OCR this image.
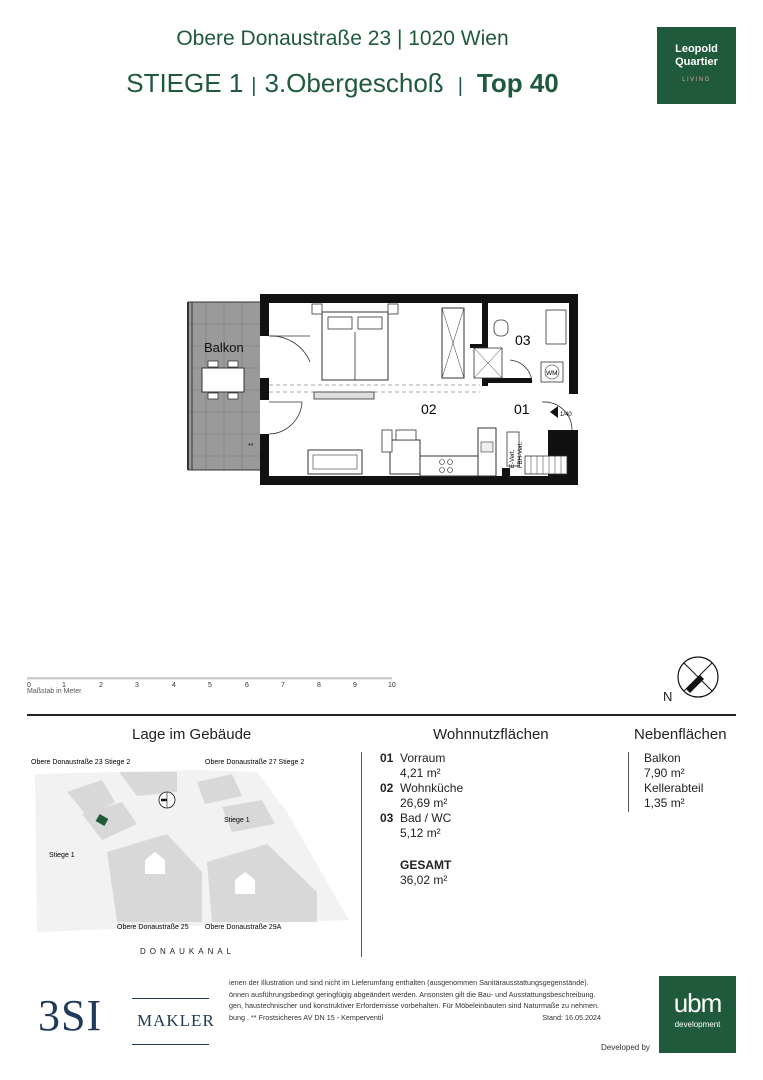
Obere Donaustraße 23 | 1020 Wien
STIEGE 1 | 3.Obergeschoß | Top 40
Leopold
Quartier
LIVING
Balkon
**
WM
E-Vert. FBH-Vert.
02	01
03
1/40
0	1	2	3	4	5	6	7	8	9	10
Maßstab in Meter	N
Lage im Gebäude	Wohnnutzflächen	Nebenflächen
Obere Donaustraße 23 Stiege 2	Obere Donaustraße 27 Stiege 2
Stiege 1
Stiege 1
Obere Donaustraße 25 Obere Donaustraße 29A
DONAUKANAL
01 Vorraum
4,21 m²
02 Wohnküche
26,69 m²
03 Bad / WC
5,12 m²
GESAMT
36,02 m²
Balkon
7,90 m²
Kellerabteil
1,35 m²
3SI MAKLER
ienen der Illustration und sind nicht im Lieferumfang enthalten (ausgenommen Sanitärausstattungsgegenstände).
önnen ausführungsbedingt geringfügig abgeändert werden. Ansonsten gilt die Bau- und Ausstattungsbeschreibung.
gen, haustechnischer und konstruktiver Erfordernisse vorbehalten. Für Möbeleinbauten sind Naturmaße zu nehmen.
bung . ** Frostsicheres AV DN 15 - Kemperventil	Stand: 16.05.2024	ubm
development
Developed by
